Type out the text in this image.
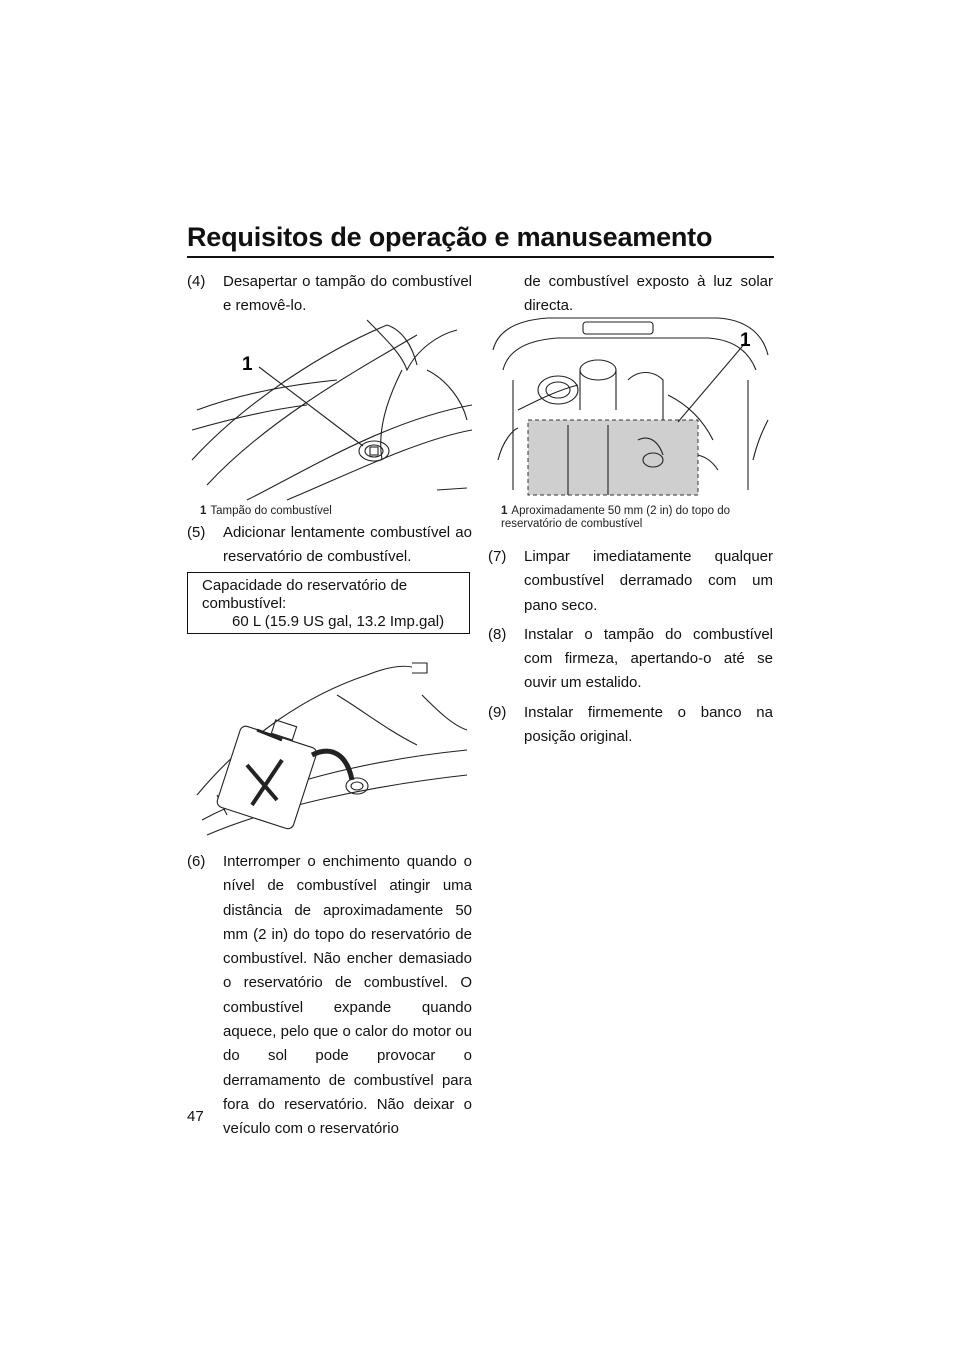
Requisitos de operação e manuseamento
(4)	Desapertar o tampão do combustível e removê-lo.
(5)	Adicionar lentamente combustível ao reservatório de combustível.
(6)	Interromper o enchimento quando o nível de combustível atingir uma distância de aproximadamente 50 mm (2 in) do topo do reservatório de combustível. Não encher demasiado o reservatório de combustível. O combustível expande quando aquece, pelo que o calor do motor ou do sol pode provocar o derramamento de combustível para fora do reservatório. Não deixar o veículo com o reservatório
1
1 Tampão do combustível
Capacidade do reservatório de combustível:
60 L (15.9 US gal, 13.2 Imp.gal)
de combustível exposto à luz solar directa.
1
1 Aproximadamente 50 mm (2 in) do topo do reservatório de combustível
(7)	Limpar imediatamente qualquer combustível derramado com um pano seco.
(8)	Instalar o tampão do combustível com firmeza, apertando-o até se ouvir um estalido.
(9)	Instalar firmemente o banco na posição original.
47
